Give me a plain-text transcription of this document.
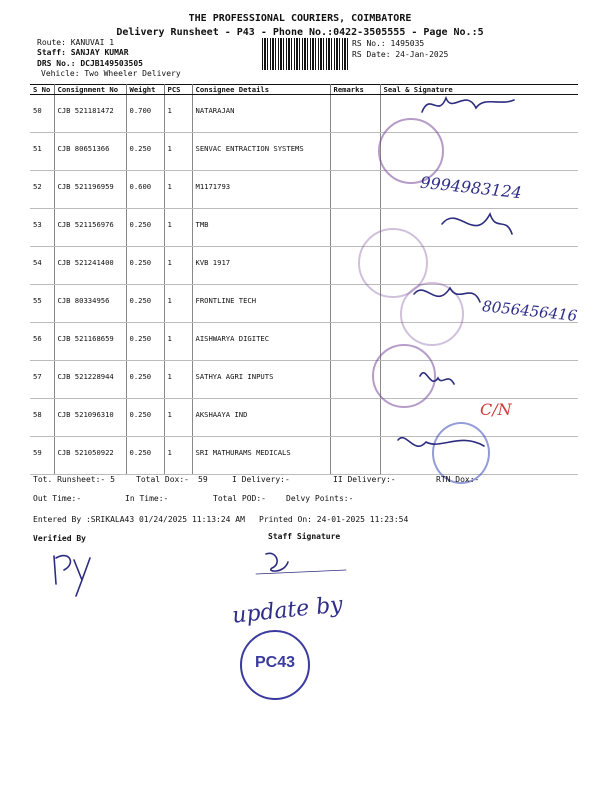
THE PROFESSIONAL COURIERS, COIMBATORE
Delivery Runsheet - P43 - Phone No.:0422-3505555 - Page No.:5
Route: KANUVAI 1
Staff: SANJAY KUMAR
DRS No.: DCJB149503505
Vehicle: Two Wheeler Delivery
RS No.: 1495035
RS Date: 24-Jan-2025
S No	Consignment No	Weight	PCS	Consignee Details	Remarks	Seal & Signature
50	CJB 521181472	0.700	1	NATARAJAN		
51	CJB 80651366	0.250	1	SENVAC ENTRACTION SYSTEMS		
52	CJB 521196959	0.600	1	M1171793		
53	CJB 521156976	0.250	1	TMB		
54	CJB 521241400	0.250	1	KVB 1917		
55	CJB 80334956	0.250	1	FRONTLINE TECH		
56	CJB 521168659	0.250	1	AISHWARYA DIGITEC		
57	CJB 521228944	0.250	1	SATHYA AGRI INPUTS		
58	CJB 521096310	0.250	1	AKSHAAYA IND		
59	CJB 521050922	0.250	1	SRI MATHURAMS MEDICALS		
9994983124
8056456416
C/N
Tot. Runsheet:- 5	Total Dox:- 59	I Delivery:-	II Delivery:-	RTN Dox:-
Out Time:-	In Time:-	Total POD:-	Delvy Points:-
Entered By :SRIKALA43 01/24/2025 11:13:24 AM Printed On: 24-01-2025 11:23:54
Verified By	Staff Signature
update by
PC43
